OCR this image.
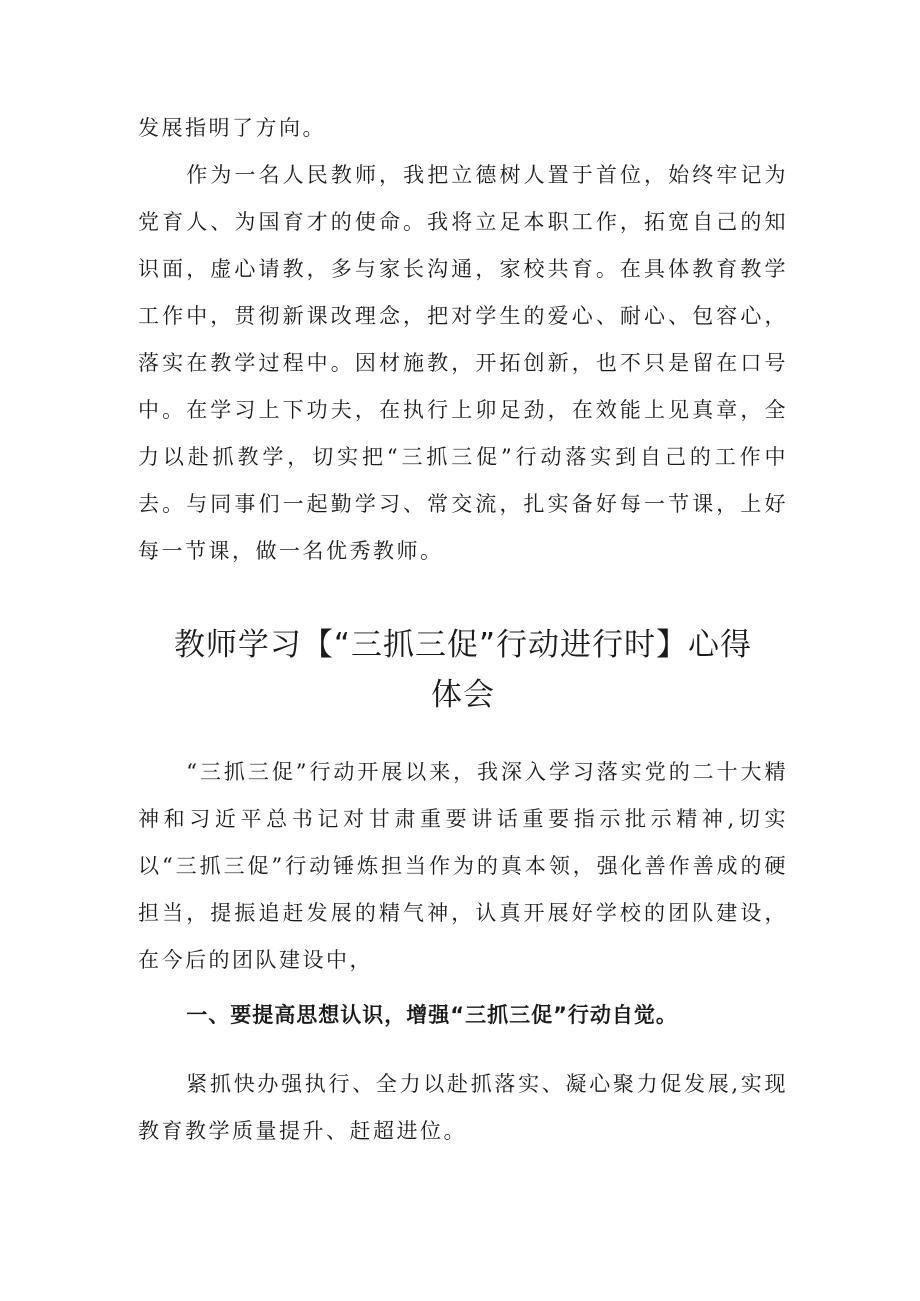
发展指明了方向。

作为一名人民教师，我把立德树人置于首位，始终牢记为党育人、为国育才的使命。我将立足本职工作，拓宽自己的知识面，虚心请教，多与家长沟通，家校共育。在具体教育教学工作中，贯彻新课改理念，把对学生的爱心、耐心、包容心，落实在教学过程中。因材施教，开拓创新，也不只是留在口号中。在学习上下功夫，在执行上卯足劲，在效能上见真章，全力以赴抓教学，切实把“三抓三促”行动落实到自己的工作中去。与同事们一起勤学习、常交流，扎实备好每一节课，上好每一节课，做一名优秀教师。

教师学习【“三抓三促”行动进行时】心得
体会

“三抓三促”行动开展以来，我深入学习落实党的二十大精神和习近平总书记对甘肃重要讲话重要指示批示精神,切实以“三抓三促”行动锤炼担当作为的真本领，强化善作善成的硬担当，提振追赶发展的精气神，认真开展好学校的团队建设，在今后的团队建设中，

一、要提高思想认识，增强“三抓三促”行动自觉。

紧抓快办强执行、全力以赴抓落实、凝心聚力促发展,实现教育教学质量提升、赶超进位。
